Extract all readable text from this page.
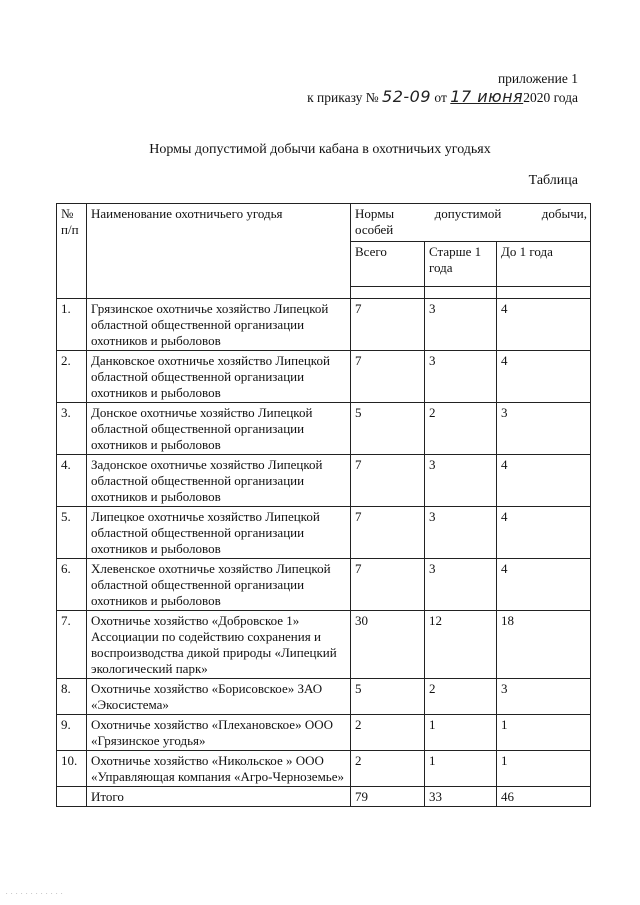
приложение 1
к приказу № 52-09 от 17 июня2020 года
Нормы допустимой добычи кабана в охотничьих угодьях
Таблица
№ п/п	Наименование охотничьего угодья	Нормы допустимой добычи,
особей		

		Всего	Старше 1 года	До 1 года

1.	Грязинское охотничье хозяйство Липецкой областной общественной организации охотников и рыболовов	7	3	4
2.	Данковское охотничье хозяйство Липецкой областной общественной организации охотников и рыболовов	7	3	4
3.	Донское охотничье хозяйство Липецкой областной общественной организации охотников и рыболовов	5	2	3
4.	Задонское охотничье хозяйство Липецкой областной общественной организации охотников и рыболовов	7	3	4
5.	Липецкое охотничье хозяйство Липецкой областной общественной организации охотников и рыболовов	7	3	4
6.	Хлевенское охотничье хозяйство Липецкой областной общественной организации охотников и рыболовов	7	3	4
7.	Охотничье хозяйство «Добровское 1» Ассоциации по содействию сохранения и воспроизводства дикой природы «Липецкий экологический парк»	30	12	18
8.	Охотничье хозяйство «Борисовское» ЗАО «Экосистема»	5	2	3
9.	Охотничье хозяйство «Плехановское» ООО «Грязинское угодья»	2	1	1
10.	Охотничье хозяйство «Никольское » ООО «Управляющая компания «Агро-Черноземье»	2	1	1
	Итого	79	33	46
. . . . . . . . . . . .
